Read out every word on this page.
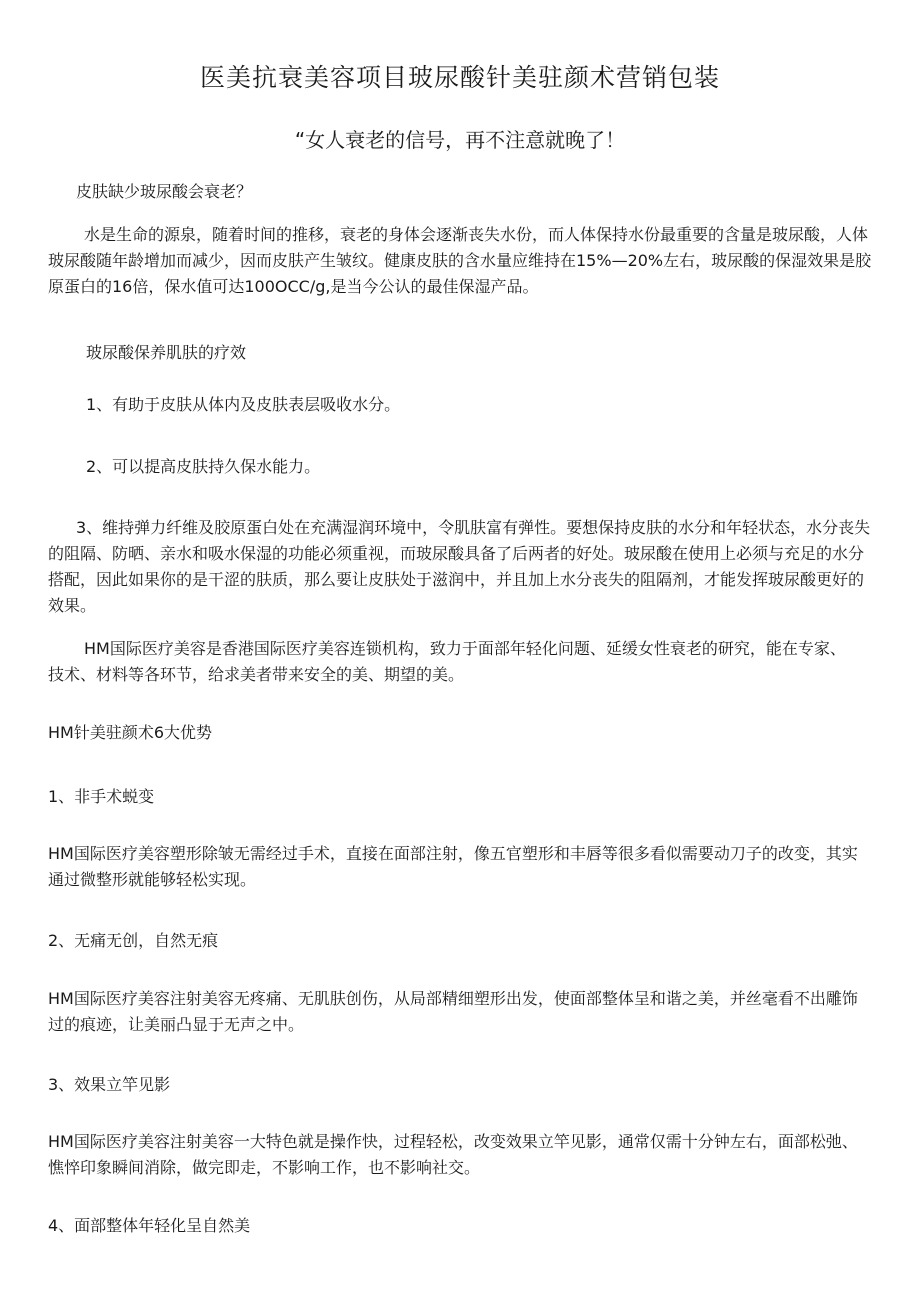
医美抗衰美容项目玻尿酸针美驻颜术营销包装
“女人衰老的信号，再不注意就晚了！

皮肤缺少玻尿酸会衰老？

水是生命的源泉，随着时间的推移，衰老的身体会逐渐丧失水份，而人体保持水份最重要的含量是玻尿酸，人体玻尿酸随年龄增加而减少，因而皮肤产生皱纹。健康皮肤的含水量应维持在15%—20%左右，玻尿酸的保湿效果是胶原蛋白的16倍，保水值可达100OCC∕g,是当今公认的最佳保湿产品。

玻尿酸保养肌肤的疗效

1、有助于皮肤从体内及皮肤表层吸收水分。

2、可以提高皮肤持久保水能力。

3、维持弹力纤维及胶原蛋白处在充满湿润环境中，令肌肤富有弹性。要想保持皮肤的水分和年轻状态，水分丧失的阻隔、防晒、亲水和吸水保湿的功能必须重视，而玻尿酸具备了后两者的好处。玻尿酸在使用上必须与充足的水分搭配，因此如果你的是干涩的肤质，那么要让皮肤处于滋润中，并且加上水分丧失的阻隔剂，才能发挥玻尿酸更好的效果。

HM国际医疗美容是香港国际医疗美容连锁机构，致力于面部年轻化问题、延缓女性衰老的研究，能在专家、技术、材料等各环节，给求美者带来安全的美、期望的美。

HM针美驻颜术6大优势

1、非手术蜕变

HM国际医疗美容塑形除皱无需经过手术，直接在面部注射，像五官塑形和丰唇等很多看似需要动刀子的改变，其实通过微整形就能够轻松实现。

2、无痛无创，自然无痕

HM国际医疗美容注射美容无疼痛、无肌肤创伤，从局部精细塑形出发，使面部整体呈和谐之美，并丝毫看不出雕饰过的痕迹，让美丽凸显于无声之中。

3、效果立竿见影

HM国际医疗美容注射美容一大特色就是操作快，过程轻松，改变效果立竿见影，通常仅需十分钟左右，面部松弛、憔悴印象瞬间消除，做完即走，不影响工作，也不影响社交。

4、面部整体年轻化呈自然美
